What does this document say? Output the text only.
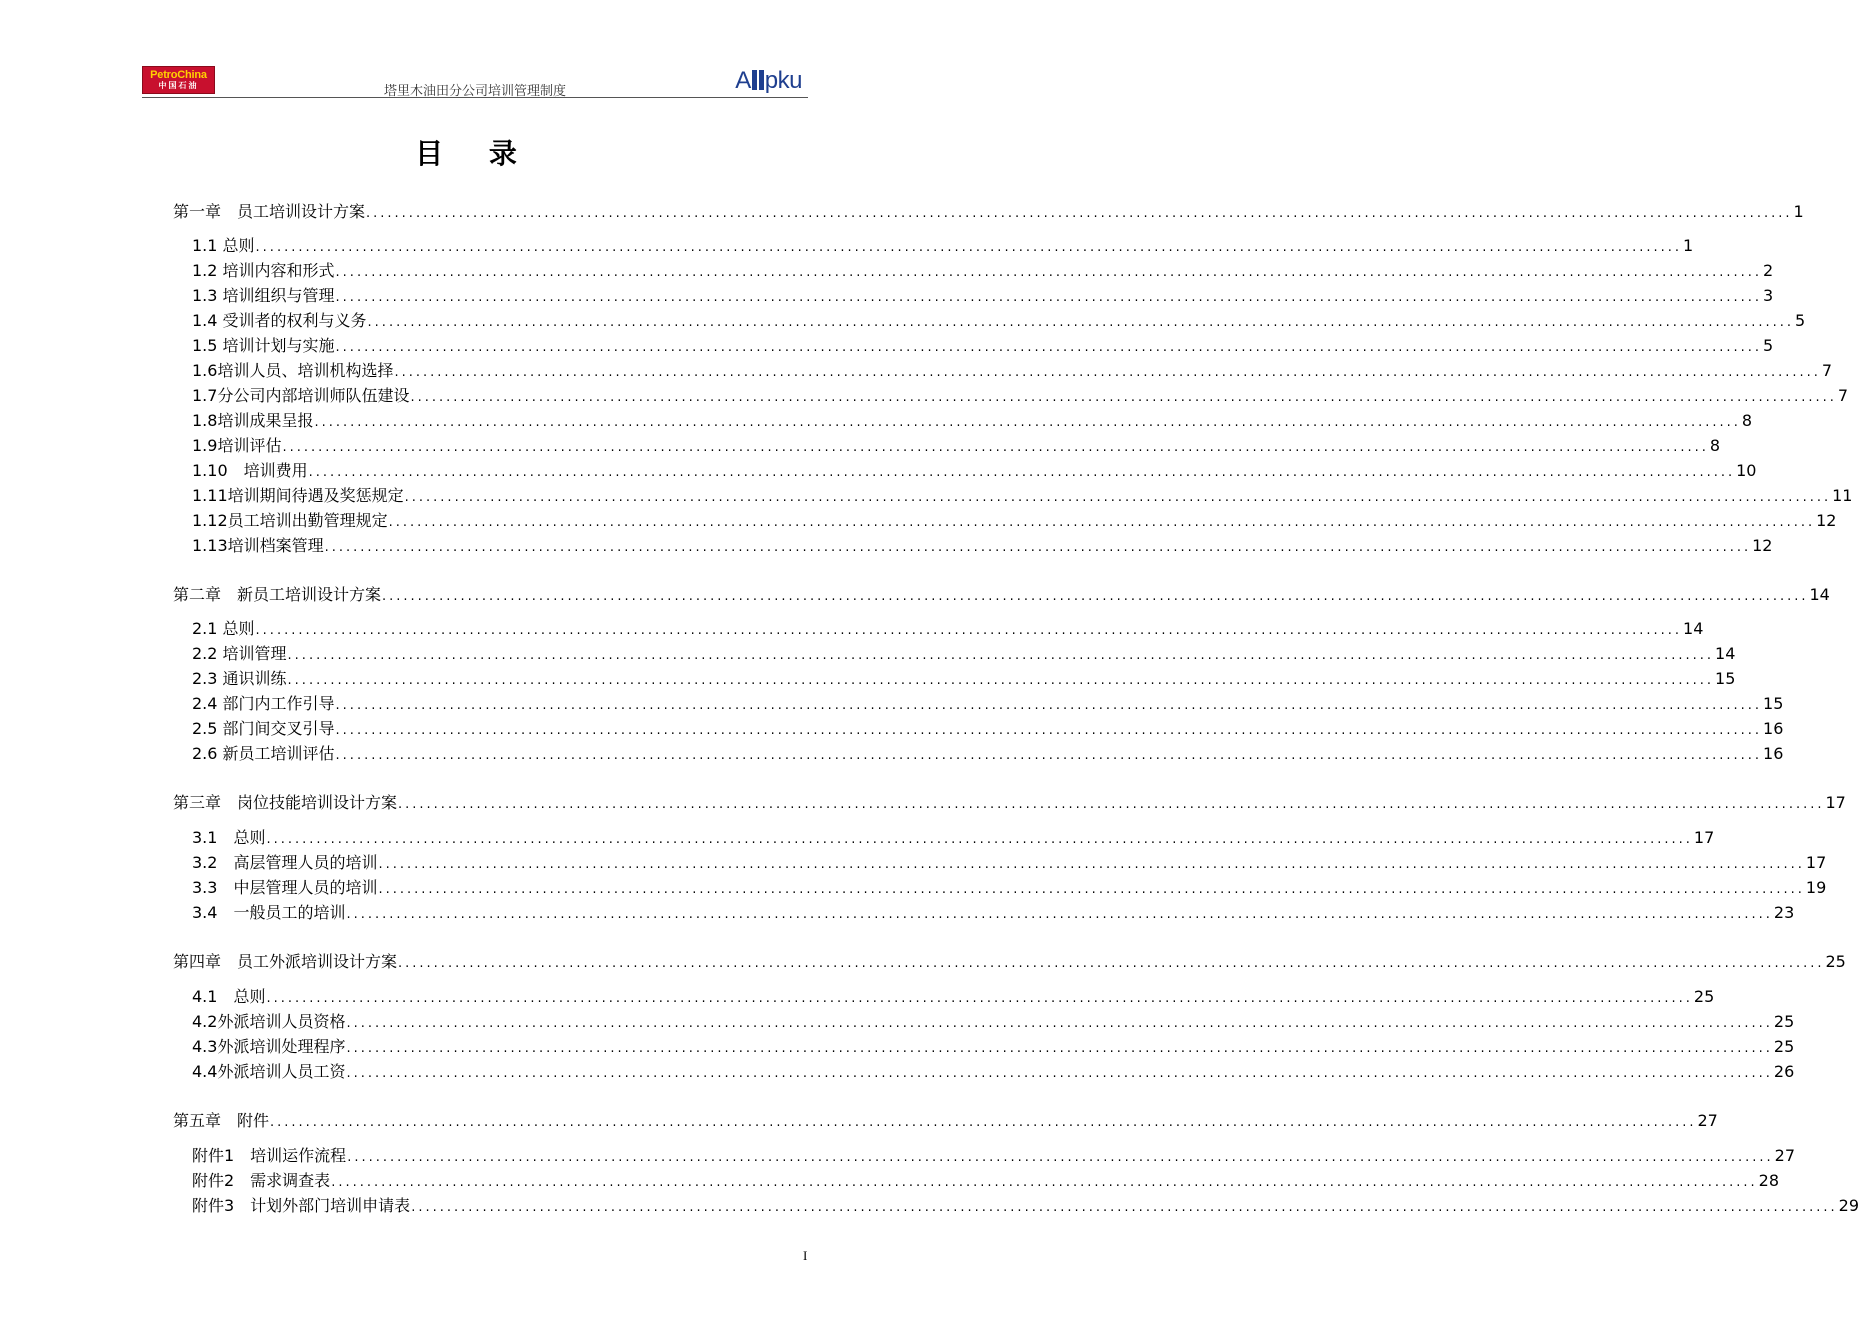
PetroChina
中国石油	塔里木油田分公司培训管理制度	A pku
目 录
第一章　员工培训设计方案 ........................................................................................................................................................................................................ 1
1.1 总则 ........................................................................................................................................................................................................ 1
1.2 培训内容和形式 ........................................................................................................................................................................................................ 2
1.3 培训组织与管理 ........................................................................................................................................................................................................ 3
1.4 受训者的权利与义务 ........................................................................................................................................................................................................ 5
1.5 培训计划与实施 ........................................................................................................................................................................................................ 5
1.6培训人员、培训机构选择 ........................................................................................................................................................................................................ 7
1.7分公司内部培训师队伍建设 ........................................................................................................................................................................................................ 7
1.8培训成果呈报 ........................................................................................................................................................................................................ 8
1.9培训评估 ........................................................................................................................................................................................................ 8
1.10　培训费用 ........................................................................................................................................................................................................ 10
1.11培训期间待遇及奖惩规定 ........................................................................................................................................................................................................ 11
1.12员工培训出勤管理规定 ........................................................................................................................................................................................................ 12
1.13培训档案管理 ........................................................................................................................................................................................................ 12
第二章　新员工培训设计方案 ........................................................................................................................................................................................................ 14
2.1 总则 ........................................................................................................................................................................................................ 14
2.2 培训管理 ........................................................................................................................................................................................................ 14
2.3 通识训练 ........................................................................................................................................................................................................ 15
2.4 部门内工作引导 ........................................................................................................................................................................................................ 15
2.5 部门间交叉引导 ........................................................................................................................................................................................................ 16
2.6 新员工培训评估 ........................................................................................................................................................................................................ 16
第三章　岗位技能培训设计方案 ........................................................................................................................................................................................................ 17
3.1　总则 ........................................................................................................................................................................................................ 17
3.2　高层管理人员的培训 ........................................................................................................................................................................................................ 17
3.3　中层管理人员的培训 ........................................................................................................................................................................................................ 19
3.4　一般员工的培训 ........................................................................................................................................................................................................ 23
第四章　员工外派培训设计方案 ........................................................................................................................................................................................................ 25
4.1　总则 ........................................................................................................................................................................................................ 25
4.2外派培训人员资格 ........................................................................................................................................................................................................ 25
4.3外派培训处理程序 ........................................................................................................................................................................................................ 25
4.4外派培训人员工资 ........................................................................................................................................................................................................ 26
第五章　附件 ........................................................................................................................................................................................................ 27
附件1　培训运作流程 ........................................................................................................................................................................................................ 27
附件2　需求调查表 ........................................................................................................................................................................................................ 28
附件3　计划外部门培训申请表 ........................................................................................................................................................................................................ 29
I
